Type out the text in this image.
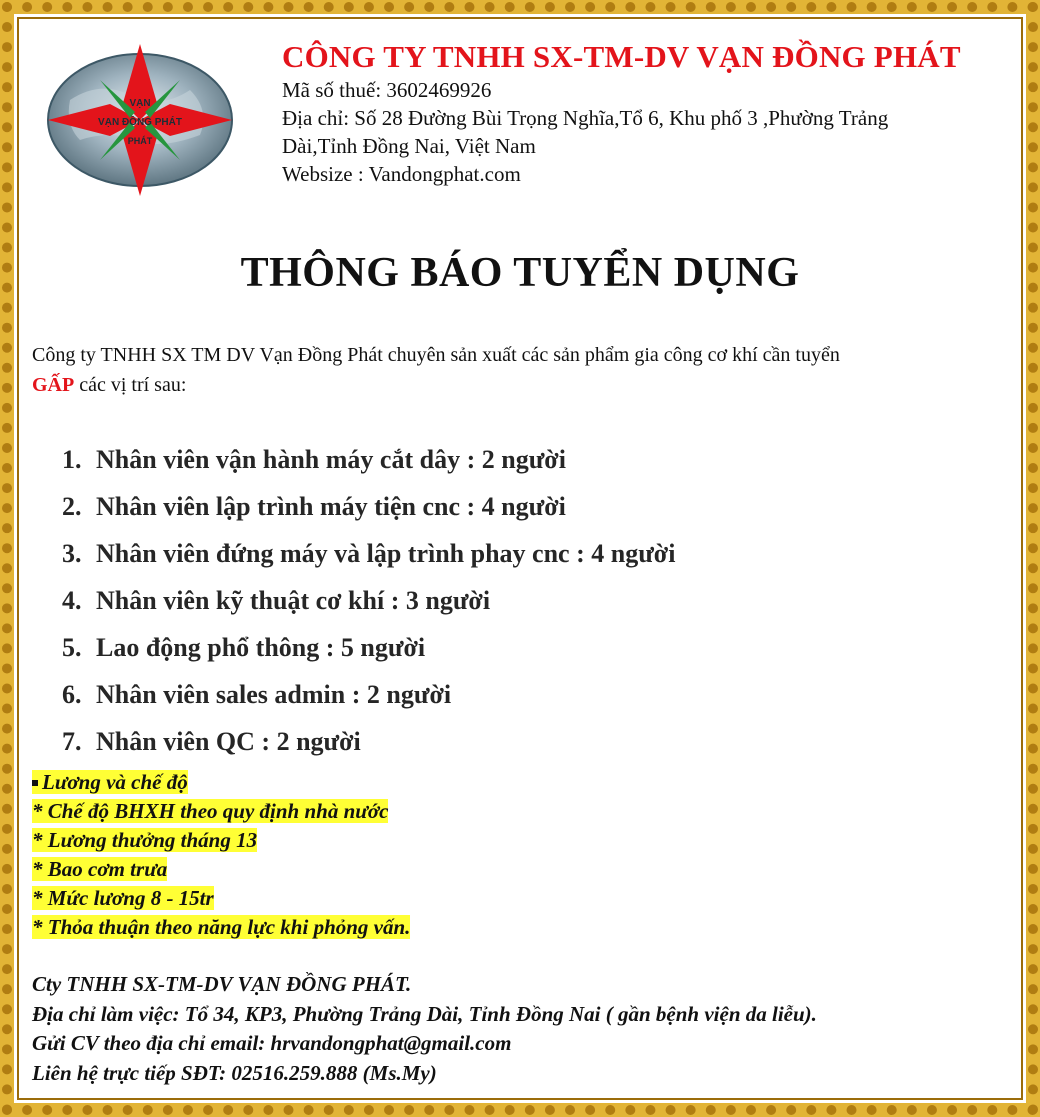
VẠN
VẠN ĐỒNG PHÁT
PHÁT
CÔNG TY TNHH SX-TM-DV VẠN ĐỒNG PHÁT
Mã số thuế: 3602469926
Địa chỉ: Số 28 Đường Bùi Trọng Nghĩa,Tổ 6, Khu phố 3 ,Phường Trảng
Dài,Tỉnh Đồng Nai, Việt Nam
Websize : Vandongphat.com
THÔNG BÁO TUYỂN DỤNG
Công ty TNHH SX TM DV Vạn Đồng Phát chuyên sản xuất các sản phẩm gia công cơ khí cần tuyển
GẤP các vị trí sau:
1. Nhân viên vận hành máy cắt dây : 2 người
2. Nhân viên lập trình máy tiện cnc : 4 người
3. Nhân viên đứng máy và lập trình phay cnc : 4 người
4. Nhân viên kỹ thuật cơ khí : 3 người
5. Lao động phổ thông : 5 người
6. Nhân viên sales admin : 2 người
7. Nhân viên QC : 2 người
Lương và chế độ
* Chế độ BHXH theo quy định nhà nước
* Lương thưởng tháng 13
* Bao cơm trưa
* Mức lương 8 - 15tr
* Thỏa thuận theo năng lực khi phỏng vấn.
Cty TNHH SX-TM-DV VẠN ĐỒNG PHÁT.
Địa chỉ làm việc: Tổ 34, KP3, Phường Trảng Dài, Tỉnh Đồng Nai ( gần bệnh viện da liễu).
Gửi CV theo địa chỉ email: hrvandongphat@gmail.com
Liên hệ trực tiếp SĐT: 02516.259.888 (Ms.My)
